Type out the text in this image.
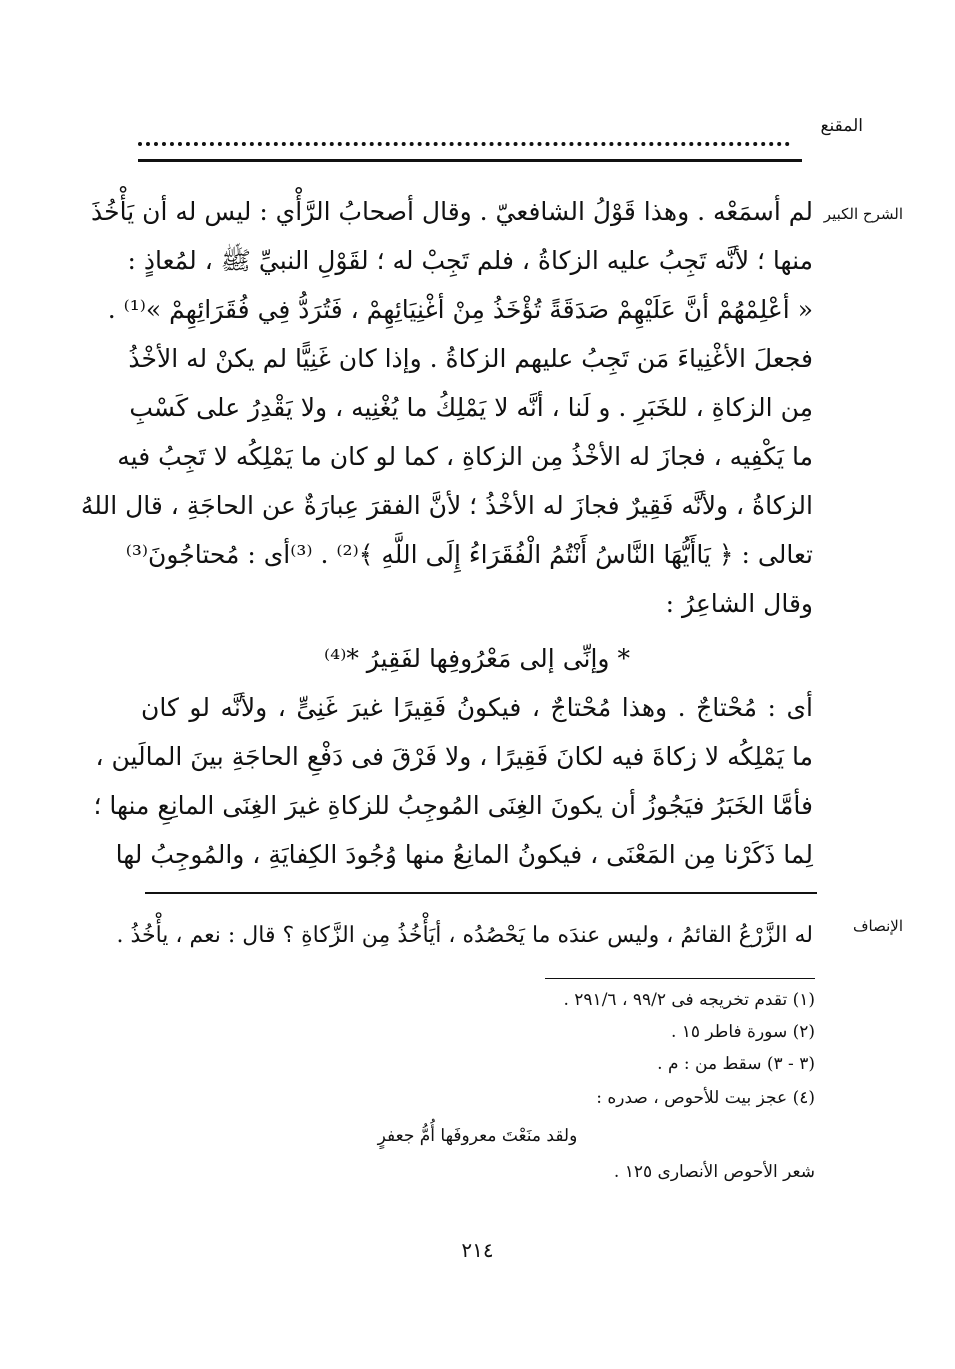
المقنع
الشرح الكبير
لم أسمَعْه . وهذا قَوْلُ الشافعيّ . وقال أصحابُ الرَّأْي : ليس له أن يَأْخُذَ
منها ؛ لأنَّه تَجِبُ عليه الزكاةُ ، فلم تَجِبْ له ؛ لقَوْلِ النبيِّ ﷺ ، لمُعاذٍ :
« أعْلِمْهُمْ أنَّ عَلَيْهِمْ صَدَقَةً تُؤْخَذُ مِنْ أغْنِيَائِهِمْ ، فَتُرَدُّ فِي فُقَرَائِهِمْ »⁽¹⁾ .
فجعلَ الأغْنِياءَ مَن تَجِبُ عليهم الزكاةُ . وإذا كان غَنِيًّا لم يكنْ له الأخْذُ
مِن الزكاةِ ، للخَبَرِ . و لَنا ، أنَّه لا يَمْلِكُ ما يُغْنِيه ، ولا يَقْدِرُ على كَسْبِ
ما يَكْفِيه ، فجازَ له الأخْذُ مِن الزكاةِ ، كما لو كان ما يَمْلِكُه لا تَجِبُ فيه
الزكاةُ ، ولأنَّه فَقِيرٌ فجازَ له الأخْذُ ؛ لأنَّ الفقرَ عِبارَةٌ عن الحاجَةِ ، قال اللهُ
تعالى : ﴿ يَاأَيُّهَا النَّاسُ أَنْتُمُ الْفُقَرَاءُ إِلَى اللَّهِ ﴾⁽²⁾ . ⁽³⁾أى : مُحتاجُونَ⁽³⁾
وقال الشاعِرُ :
* وإنِّى إلى مَعْرُوفِها لفَقِيرُ *⁽⁴⁾
أى : مُحْتاجٌ . وهذا مُحْتاجٌ ، فيكونُ فَقِيرًا غيرَ غَنِىٍّ ، ولأنَّه لو كان
ما يَمْلِكُه لا زكاةَ فيه لكانَ فَقِيرًا ، ولا فَرْقَ فى دَفْعِ الحاجَةِ بينَ المالَين ،
فأمَّا الخَبَرُ فيَجُوزُ أن يكونَ الغِنَى المُوجِبُ للزكاةِ غيرَ الغِنَى المانِعِ منها ؛
لِما ذَكَرْنا مِن المَعْنَى ، فيكونُ المانِعُ منها وُجُودَ الكِفايَةِ ، والمُوجِبُ لها
الإنصاف
له الزَّرْعُ القائمُ ، وليس عندَه ما يَحْصُدُه ، أيَأْخُذُ مِن الزَّكاةِ ؟ قال : نعم ، يأْخُذُ .
(١) تقدم تخريجه فى ٩٩/٢ ، ٢٩١/٦ .
(٢) سورة فاطر ١٥ .
(٣ - ٣) سقط من : م .
(٤) عجز بيت للأحوص ، صدره :
ولقد منَعْتَ معروفَها أُمُّ جعفرٍ
شعر الأحوص الأنصارى ١٢٥ .
٢١٤
